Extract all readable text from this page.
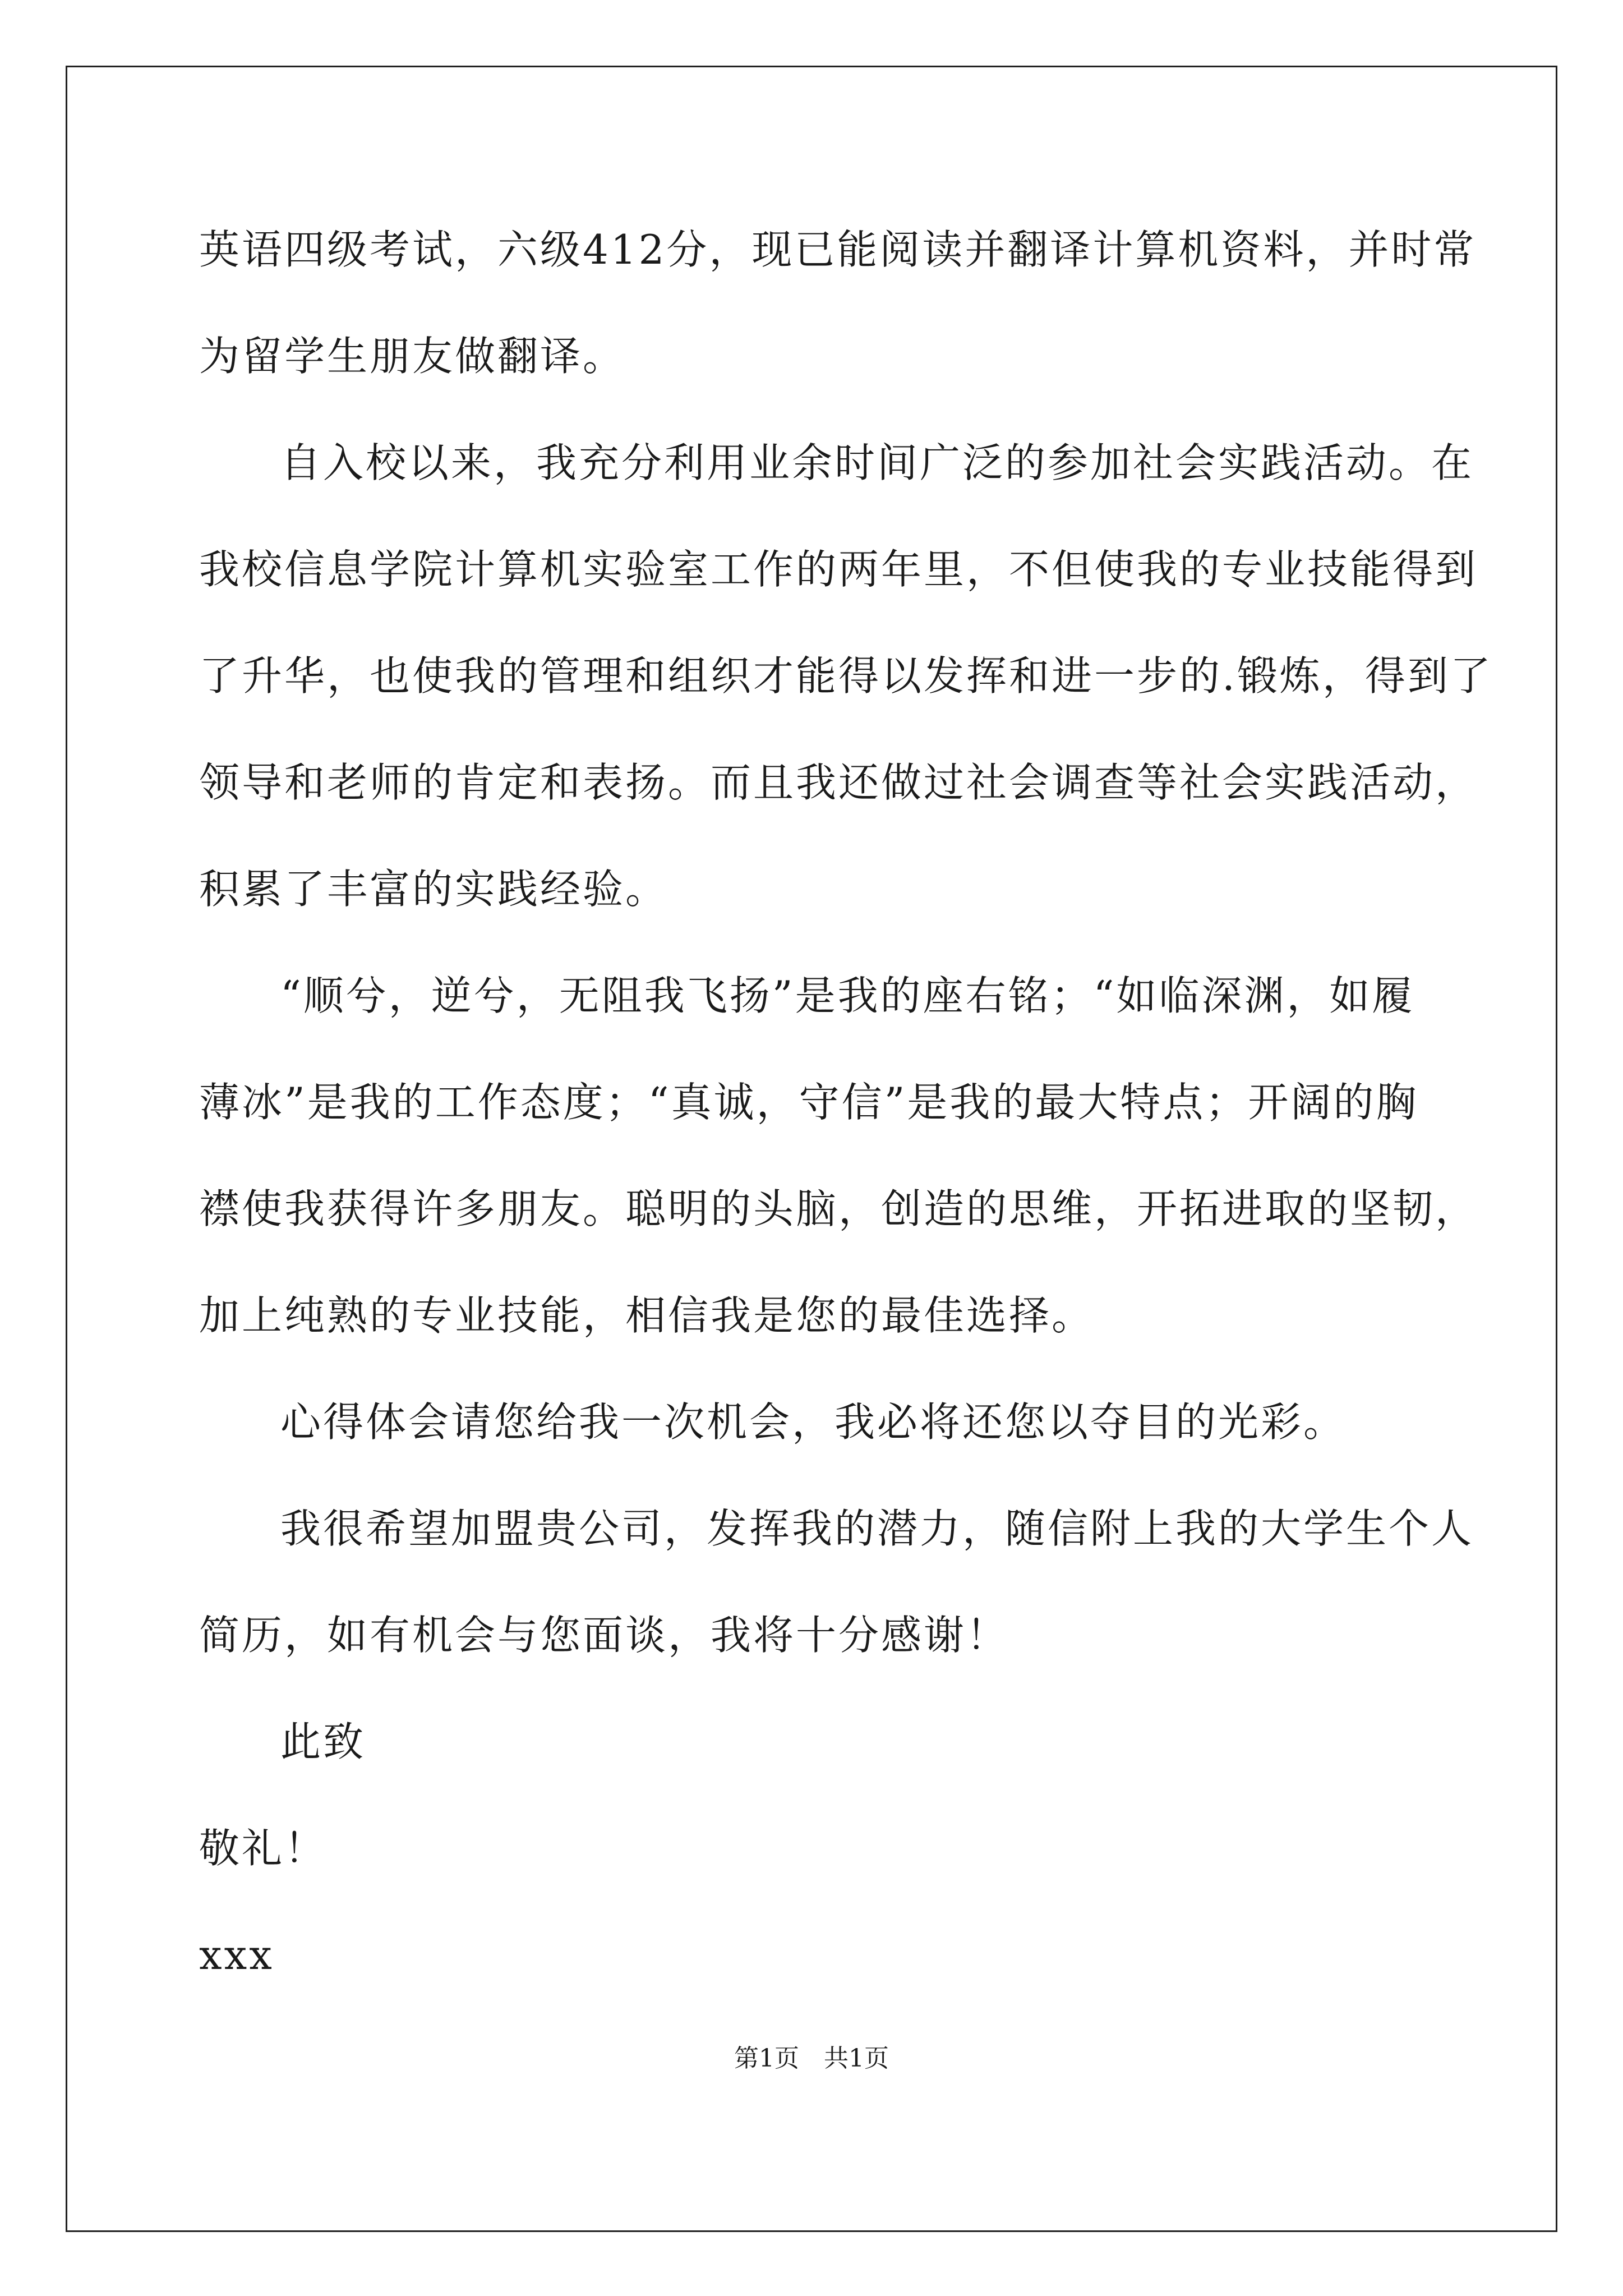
英语四级考试，六级412分，现已能阅读并翻译计算机资料，并时常
为留学生朋友做翻译。
自入校以来，我充分利用业余时间广泛的参加社会实践活动。在
我校信息学院计算机实验室工作的两年里，不但使我的专业技能得到
了升华，也使我的管理和组织才能得以发挥和进一步的.锻炼，得到了
领导和老师的肯定和表扬。而且我还做过社会调查等社会实践活动，
积累了丰富的实践经验。
“顺兮，逆兮，无阻我飞扬”是我的座右铭；“如临深渊，如履
薄冰”是我的工作态度；“真诚，守信”是我的最大特点；开阔的胸
襟使我获得许多朋友。聪明的头脑，创造的思维，开拓进取的坚韧，
加上纯熟的专业技能，相信我是您的最佳选择。
心得体会请您给我一次机会，我必将还您以夺目的光彩。
我很希望加盟贵公司，发挥我的潜力，随信附上我的大学生个人
简历，如有机会与您面谈，我将十分感谢！
此致
敬礼！
xxx
第1页　共1页
